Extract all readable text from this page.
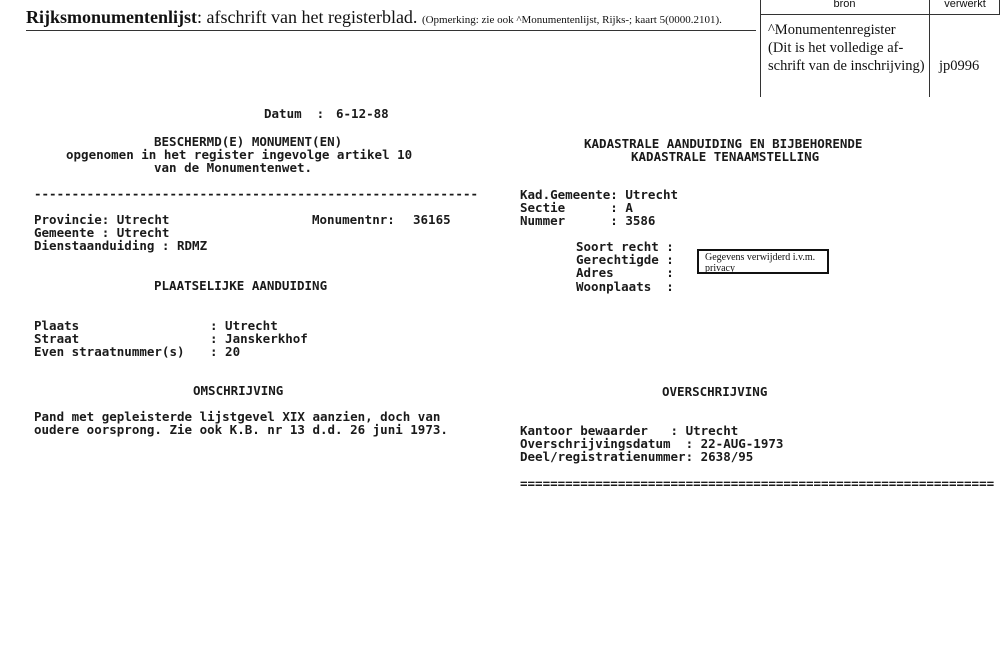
Rijksmonumentenlijst: afschrift van het registerblad. (Opmerking: zie ook ^Monumentenlijst, Rijks-; kaart 5(0000.2101).
bron	verwerkt
^Monumentenregister
(Dit is het volledige af-
schrift van de inschrijving) jp0996
Datum  : 6-12-88
BESCHERMD(E) MONUMENT(EN)
opgenomen in het register ingevolge artikel 10
van de Monumentenwet.
-----------------------------------------------------------
Provincie: Utrecht	Monumentnr: 36165
Gemeente : Utrecht
Dienstaanduiding : RDMZ
PLAATSELIJKE AANDUIDING
Plaats	: Utrecht
Straat	: Janskerkhof
Even straatnummer(s) : 20
OMSCHRIJVING
Pand met gepleisterde lijstgevel XIX aanzien, doch van
oudere oorsprong. Zie ook K.B. nr 13 d.d. 26 juni 1973.
KADASTRALE AANDUIDING EN BIJBEHORENDE
KADASTRALE TENAAMSTELLING
Kad.Gemeente: Utrecht
Sectie      : A
Nummer      : 3586
Soort recht :
Gerechtigde :
Adres       :
Woonplaats  :
Gegevens verwijderd i.v.m. privacy
OVERSCHRIJVING
Kantoor bewaarder   : Utrecht
Overschrijvingsdatum  : 22-AUG-1973
Deel/registratienummer: 2638/95
===============================================================
